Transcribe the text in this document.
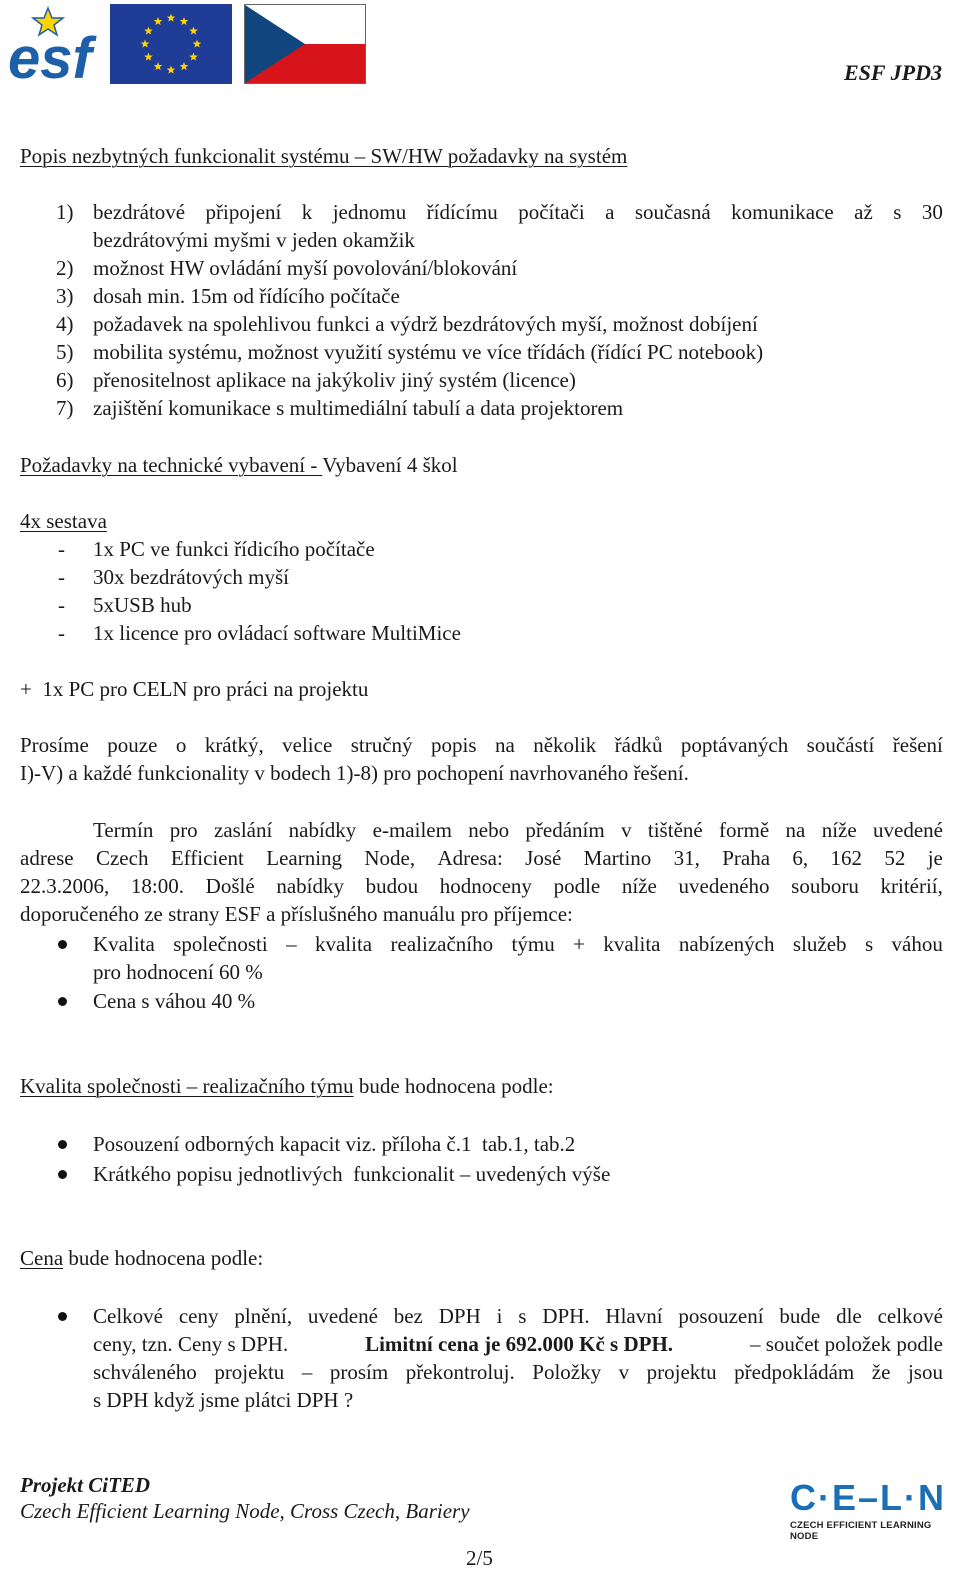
esf	ESF JPD3
Popis nezbytných funkcionalit systému – SW/HW požadavky na systém
1) bezdrátové připojení k jednomu řídícímu počítači a současná komunikace až s 30
bezdrátovými myšmi v jeden okamžik
2) možnost HW ovládání myší povolování/blokování
3) dosah min. 15m od řídícího počítače
4) požadavek na spolehlivou funkci a výdrž bezdrátových myší, možnost dobíjení
5) mobilita systému, možnost využití systému ve více třídách (řídící PC notebook)
6) přenositelnost aplikace na jakýkoliv jiný systém (licence)
7) zajištění komunikace s multimediální tabulí a data projektorem
Požadavky na technické vybavení - Vybavení 4 škol
4x sestava
- 1x PC ve funkci řídicího počítače
- 30x bezdrátových myší
- 5xUSB hub
- 1x licence pro ovládací software MultiMice
+  1x PC pro CELN pro práci na projektu
Prosíme pouze o krátký, velice stručný popis na několik řádků poptávaných součástí řešení
I)-V) a každé funkcionality v bodech 1)-8) pro pochopení navrhovaného řešení.
Termín pro zaslání nabídky e-mailem nebo předáním v tištěné formě na níže uvedené
adrese Czech Efficient Learning Node, Adresa: José Martino 31, Praha 6, 162 52 je
22.3.2006, 18:00. Došlé nabídky budou hodnoceny podle níže uvedeného souboru kritérií,
doporučeného ze strany ESF a příslušného manuálu pro příjemce:
Kvalita společnosti – kvalita realizačního týmu + kvalita nabízených služeb s váhou
pro hodnocení 60 %
Cena s váhou 40 %
Kvalita společnosti – realizačního týmu bude hodnocena podle:
Posouzení odborných kapacit viz. příloha č.1  tab.1, tab.2
Krátkého popisu jednotlivých  funkcionalit – uvedených výše
Cena bude hodnocena podle:
Celkové ceny plnění, uvedené bez DPH i s DPH. Hlavní posouzení bude dle celkové
ceny, tzn. Ceny s DPH.	Limitní cena je 692.000 Kč s DPH.	– součet položek podle
schváleného projektu – prosím překontroluj. Položky v projektu předpokládám že jsou
s DPH když jsme plátci DPH ?
Projekt CiTED
Czech Efficient Learning Node, Cross Czech, Bariery
2/5
C·E–L·N
CZECH EFFICIENT LEARNING NODE
